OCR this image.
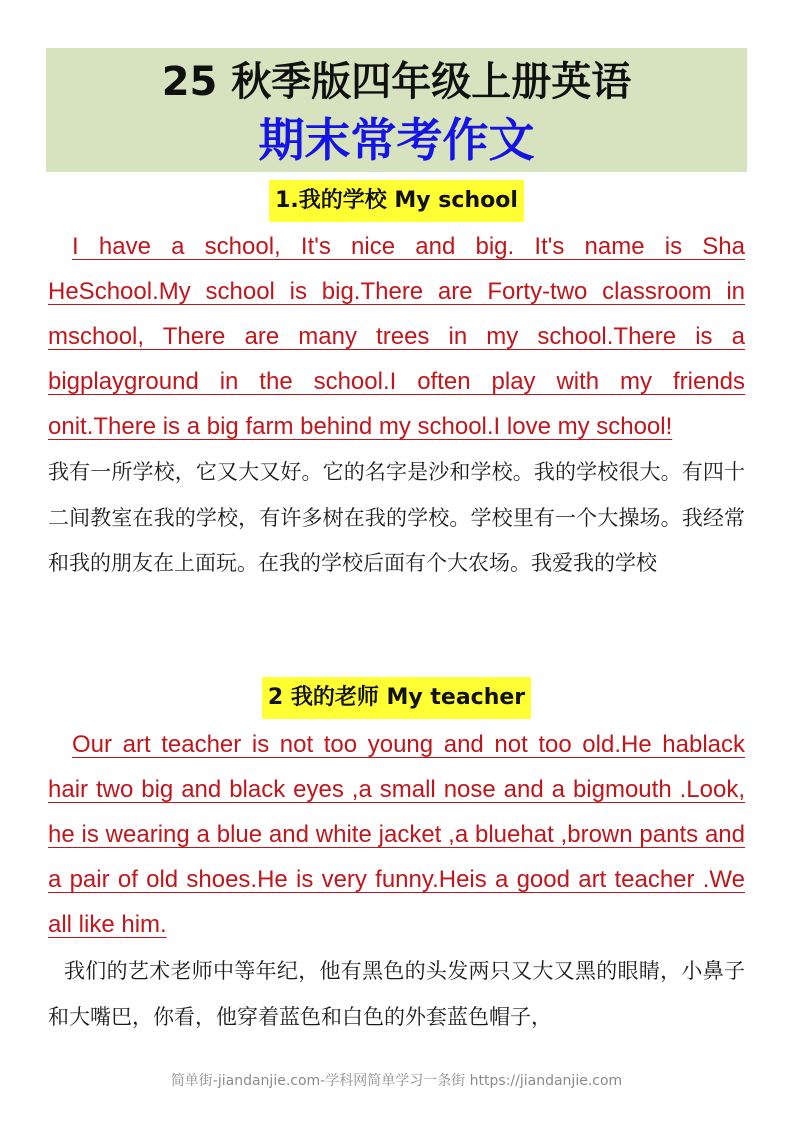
25 秋季版四年级上册英语
期末常考作文
1.我的学校 My school

I have a school, It's nice and big. It's name is Sha HeSchool.My school is big.There are Forty-two classroom in mschool, There are many trees in my school.There is a bigplayground in the school.I often play with my friends onit.There is a big farm behind my school.I love my school!

我有一所学校，它又大又好。它的名字是沙和学校。我的学校很大。有四十二间教室在我的学校，有许多树在我的学校。学校里有一个大操场。我经常和我的朋友在上面玩。在我的学校后面有个大农场。我爱我的学校

2 我的老师 My teacher

Our art teacher is not too young and not too old.He hablack hair two big and black eyes ,a small nose and a bigmouth .Look, he is wearing a blue and white jacket ,a bluehat ,brown pants and a pair of old shoes.He is very funny.Heis a good art teacher .We all like him.

我们的艺术老师中等年纪，他有黑色的头发两只又大又黑的眼睛，小鼻子和大嘴巴，你看，他穿着蓝色和白色的外套蓝色帽子，

简单街-jiandanjie.com-学科网简单学习一条街 https://jiandanjie.com
